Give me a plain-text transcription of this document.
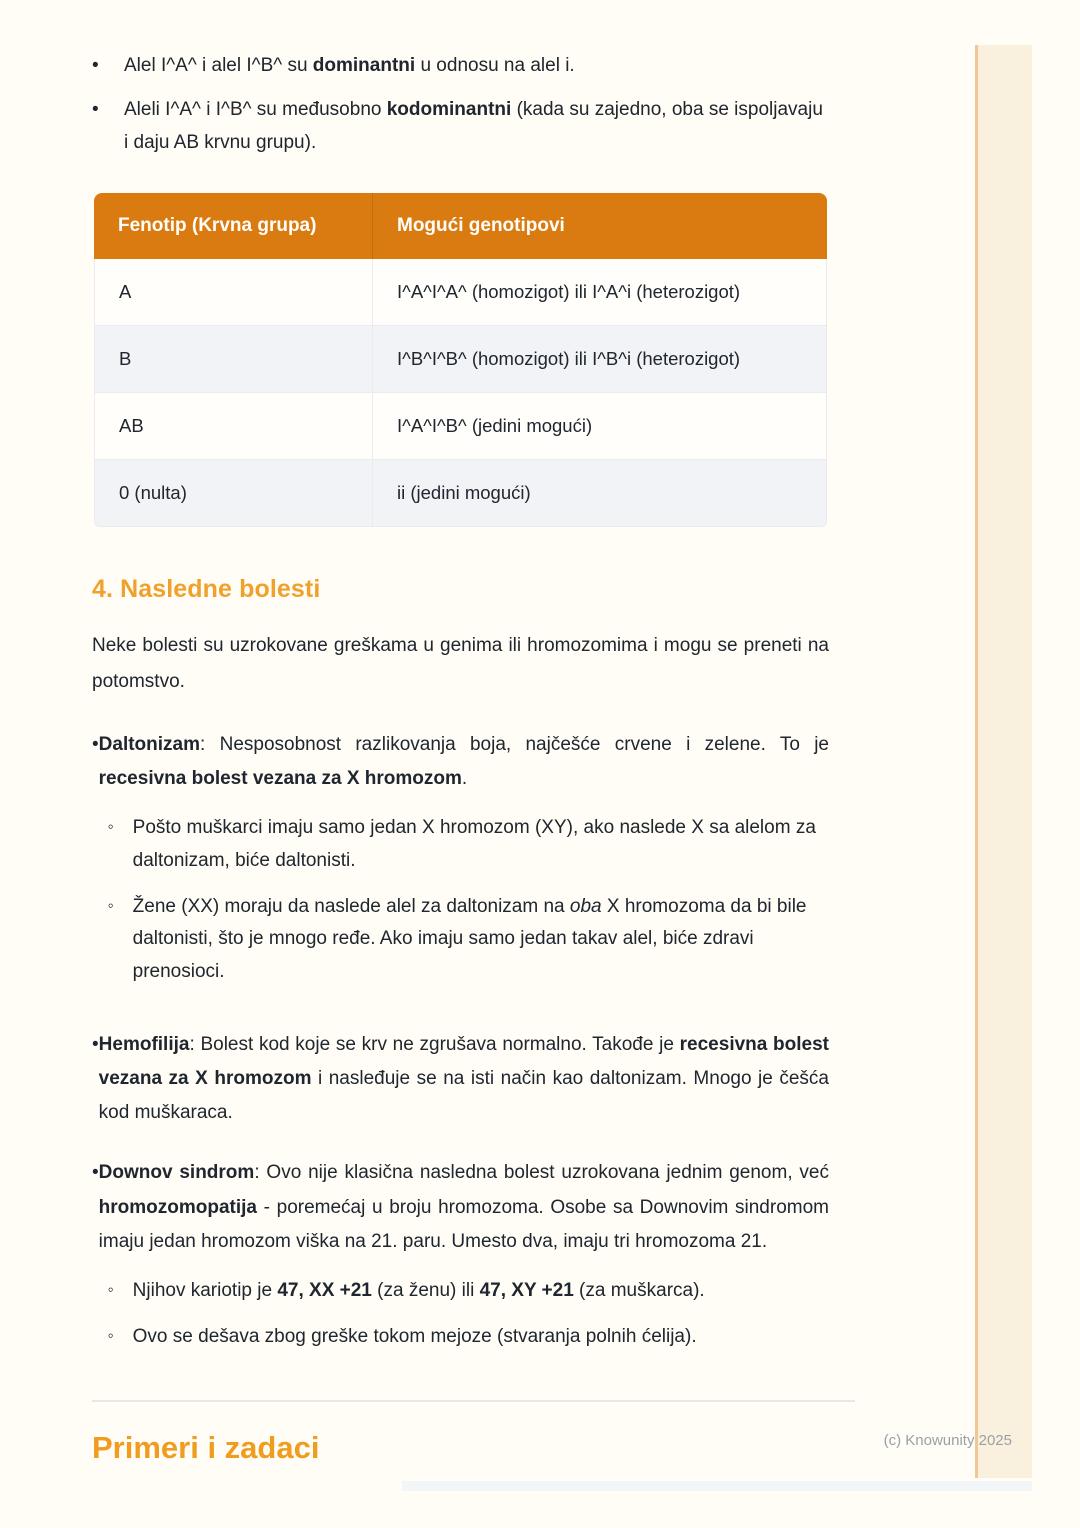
•	Alel I^A^ i alel I^B^ su dominantni u odnosu na alel i.
•	Aleli I^A^ i I^B^ su međusobno kodominantni (kada su zajedno, oba se ispoljavaju i daju AB krvnu grupu).
Fenotip (Krvna grupa)	Mogući genotipovi
A	I^A^I^A^ (homozigot) ili I^A^i (heterozigot)
B	I^B^I^B^ (homozigot) ili I^B^i (heterozigot)
AB	I^A^I^B^ (jedini mogući)
0 (nulta)	ii (jedini mogući)
4. Nasledne bolesti

Neke bolesti su uzrokovane greškama u genima ili hromozomima i mogu se preneti na potomstvo.

• Daltonizam: Nesposobnost razlikovanja boja, najčešće crvene i zelene. To je recesivna bolest vezana za X hromozom.
◦ Pošto muškarci imaju samo jedan X hromozom (XY), ako naslede X sa alelom za daltonizam, biće daltonisti.
◦ Žene (XX) moraju da naslede alel za daltonizam na oba X hromozoma da bi bile daltonisti, što je mnogo ređe. Ako imaju samo jedan takav alel, biće zdravi prenosioci.
• Hemofilija: Bolest kod koje se krv ne zgrušava normalno. Takođe je recesivna bolest vezana za X hromozom i nasleđuje se na isti način kao daltonizam. Mnogo je češća kod muškaraca.
• Downov sindrom: Ovo nije klasična nasledna bolest uzrokovana jednim genom, već hromozomopatija - poremećaj u broju hromozoma. Osobe sa Downovim sindromom imaju jedan hromozom viška na 21. paru. Umesto dva, imaju tri hromozoma 21.
◦ Njihov kariotip je 47, XX +21 (za ženu) ili 47, XY +21 (za muškarca).
◦ Ovo se dešava zbog greške tokom mejoze (stvaranja polnih ćelija).
Primeri i zadaci	(c) Knowunity 2025
